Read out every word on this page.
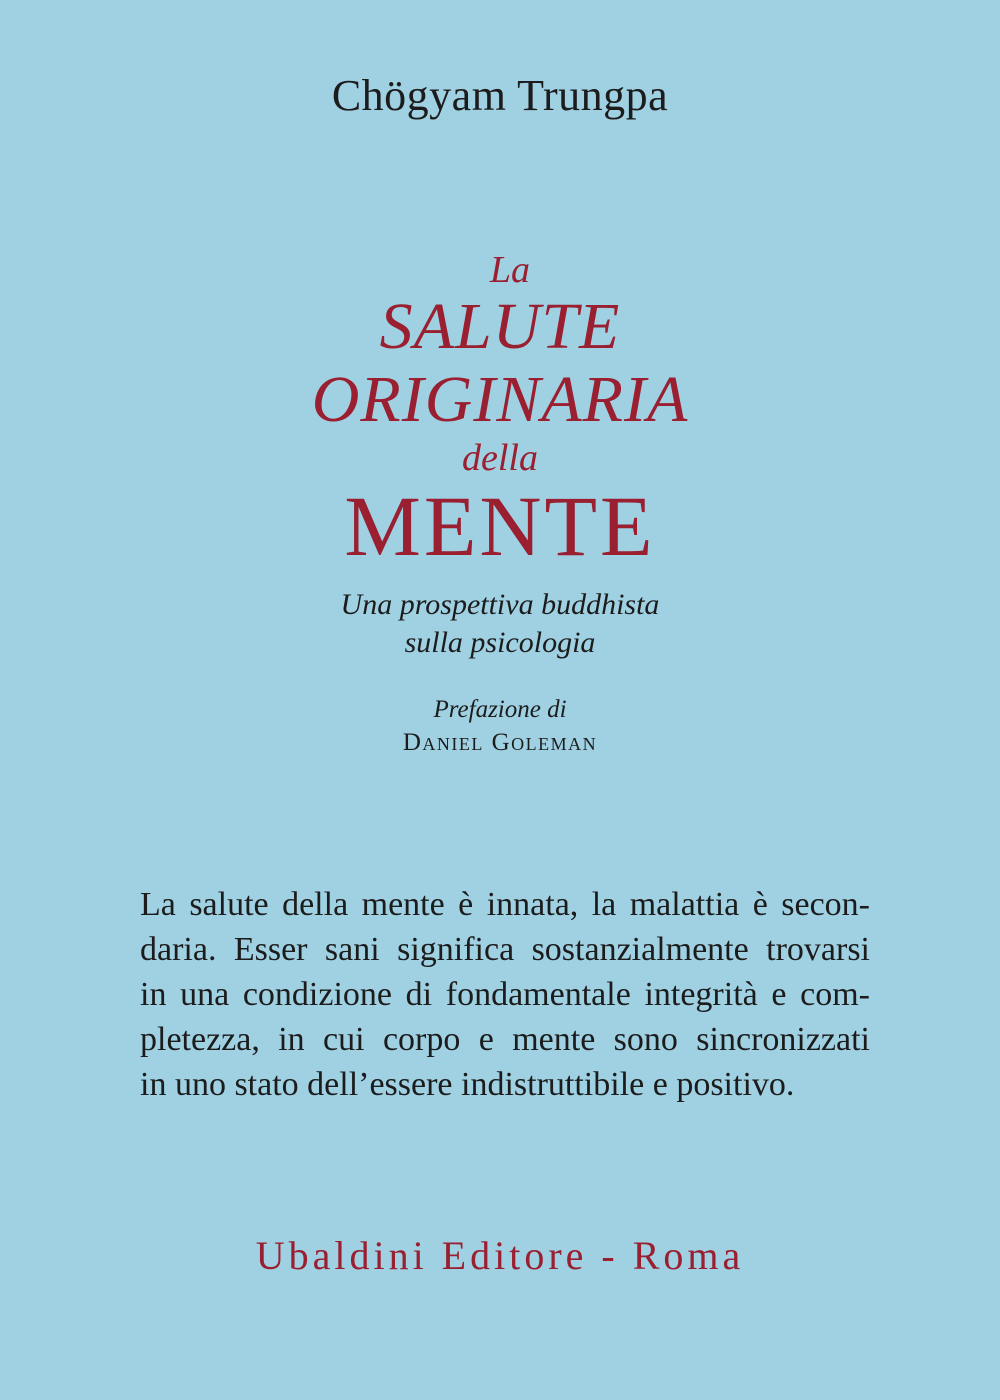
Chögyam Trungpa
La
SALUTE
ORIGINARIA
della
MENTE
Una prospettiva buddhista
sulla psicologia
Prefazione di
Daniel Goleman
La salute della mente è innata, la malattia è secon-
daria. Esser sani significa sostanzialmente trovarsi
in una condizione di fondamentale integrità e com-
pletezza, in cui corpo e mente sono sincronizzati
in uno stato dell’essere indistruttibile e positivo.
Ubaldini Editore - Roma
